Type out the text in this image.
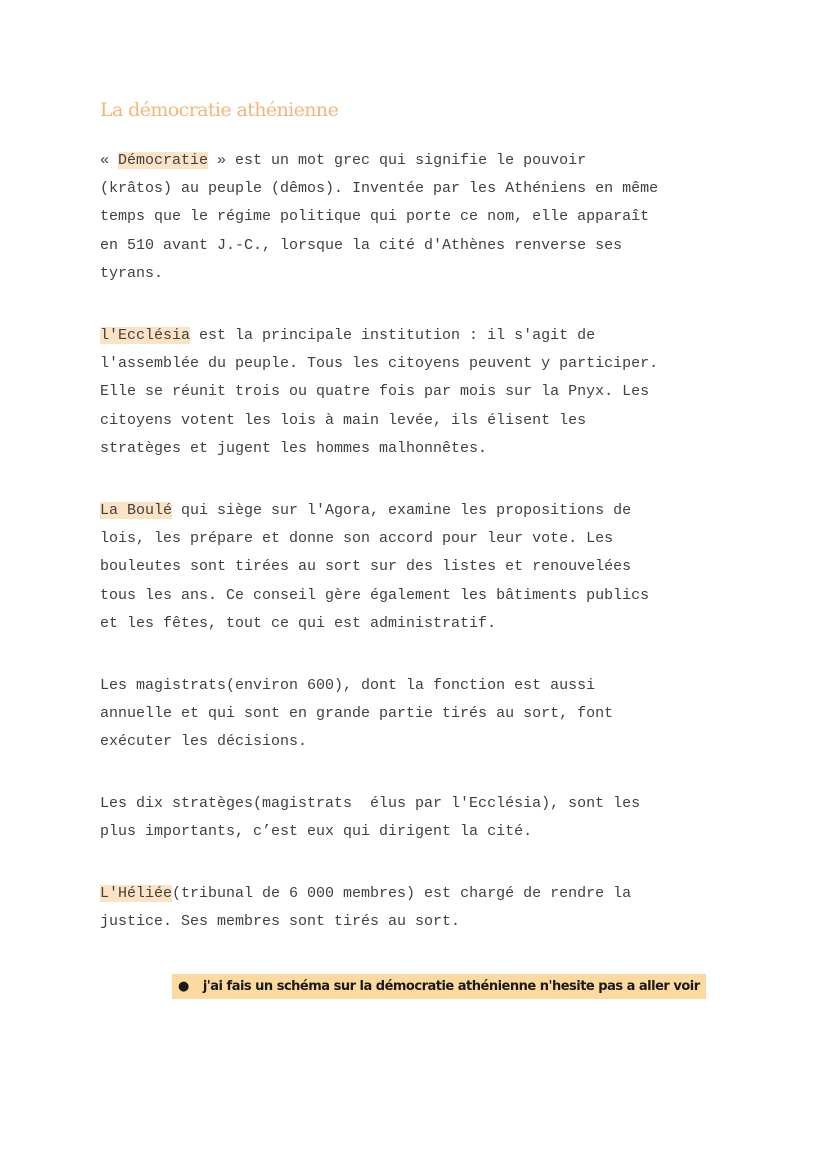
La démocratie athénienne

« Démocratie » est un mot grec qui signifie le pouvoir
(krâtos) au peuple (dêmos). Inventée par les Athéniens en même
temps que le régime politique qui porte ce nom, elle apparaît
en 510 avant J.-C., lorsque la cité d'Athènes renverse ses
tyrans.

l'Ecclésia est la principale institution : il s'agit de
l'assemblée du peuple. Tous les citoyens peuvent y participer.
Elle se réunit trois ou quatre fois par mois sur la Pnyx. Les
citoyens votent les lois à main levée, ils élisent les
stratèges et jugent les hommes malhonnêtes.

La Boulé qui siège sur l'Agora, examine les propositions de
lois, les prépare et donne son accord pour leur vote. Les
bouleutes sont tirées au sort sur des listes et renouvelées
tous les ans. Ce conseil gère également les bâtiments publics
et les fêtes, tout ce qui est administratif.

Les magistrats(environ 600), dont la fonction est aussi
annuelle et qui sont en grande partie tirés au sort, font
exécuter les décisions.

Les dix stratèges(magistrats  élus par l'Ecclésia), sont les
plus importants, c’est eux qui dirigent la cité.

L'Héliée(tribunal de 6 000 membres) est chargé de rendre la
justice. Ses membres sont tirés au sort.

● j'ai fais un schéma sur la démocratie athénienne n'hesite pas a aller voir
